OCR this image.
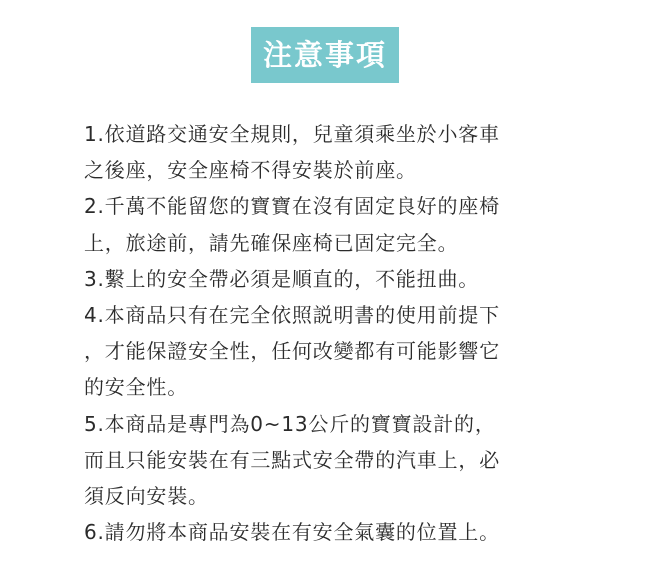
注意事項
1.依道路交通安全規則，兒童須乘坐於小客車
之後座，安全座椅不得安裝於前座。
2.千萬不能留您的寶寶在沒有固定良好的座椅
上，旅途前，請先確保座椅已固定完全。
3.繫上的安全帶必須是順直的，不能扭曲。
4.本商品只有在完全依照説明書的使用前提下
，才能保證安全性，任何改變都有可能影響它
的安全性。
5.本商品是專門為0~13公斤的寶寶設計的，
而且只能安裝在有三點式安全帶的汽車上，必
須反向安裝。
6.請勿將本商品安裝在有安全氣囊的位置上。
